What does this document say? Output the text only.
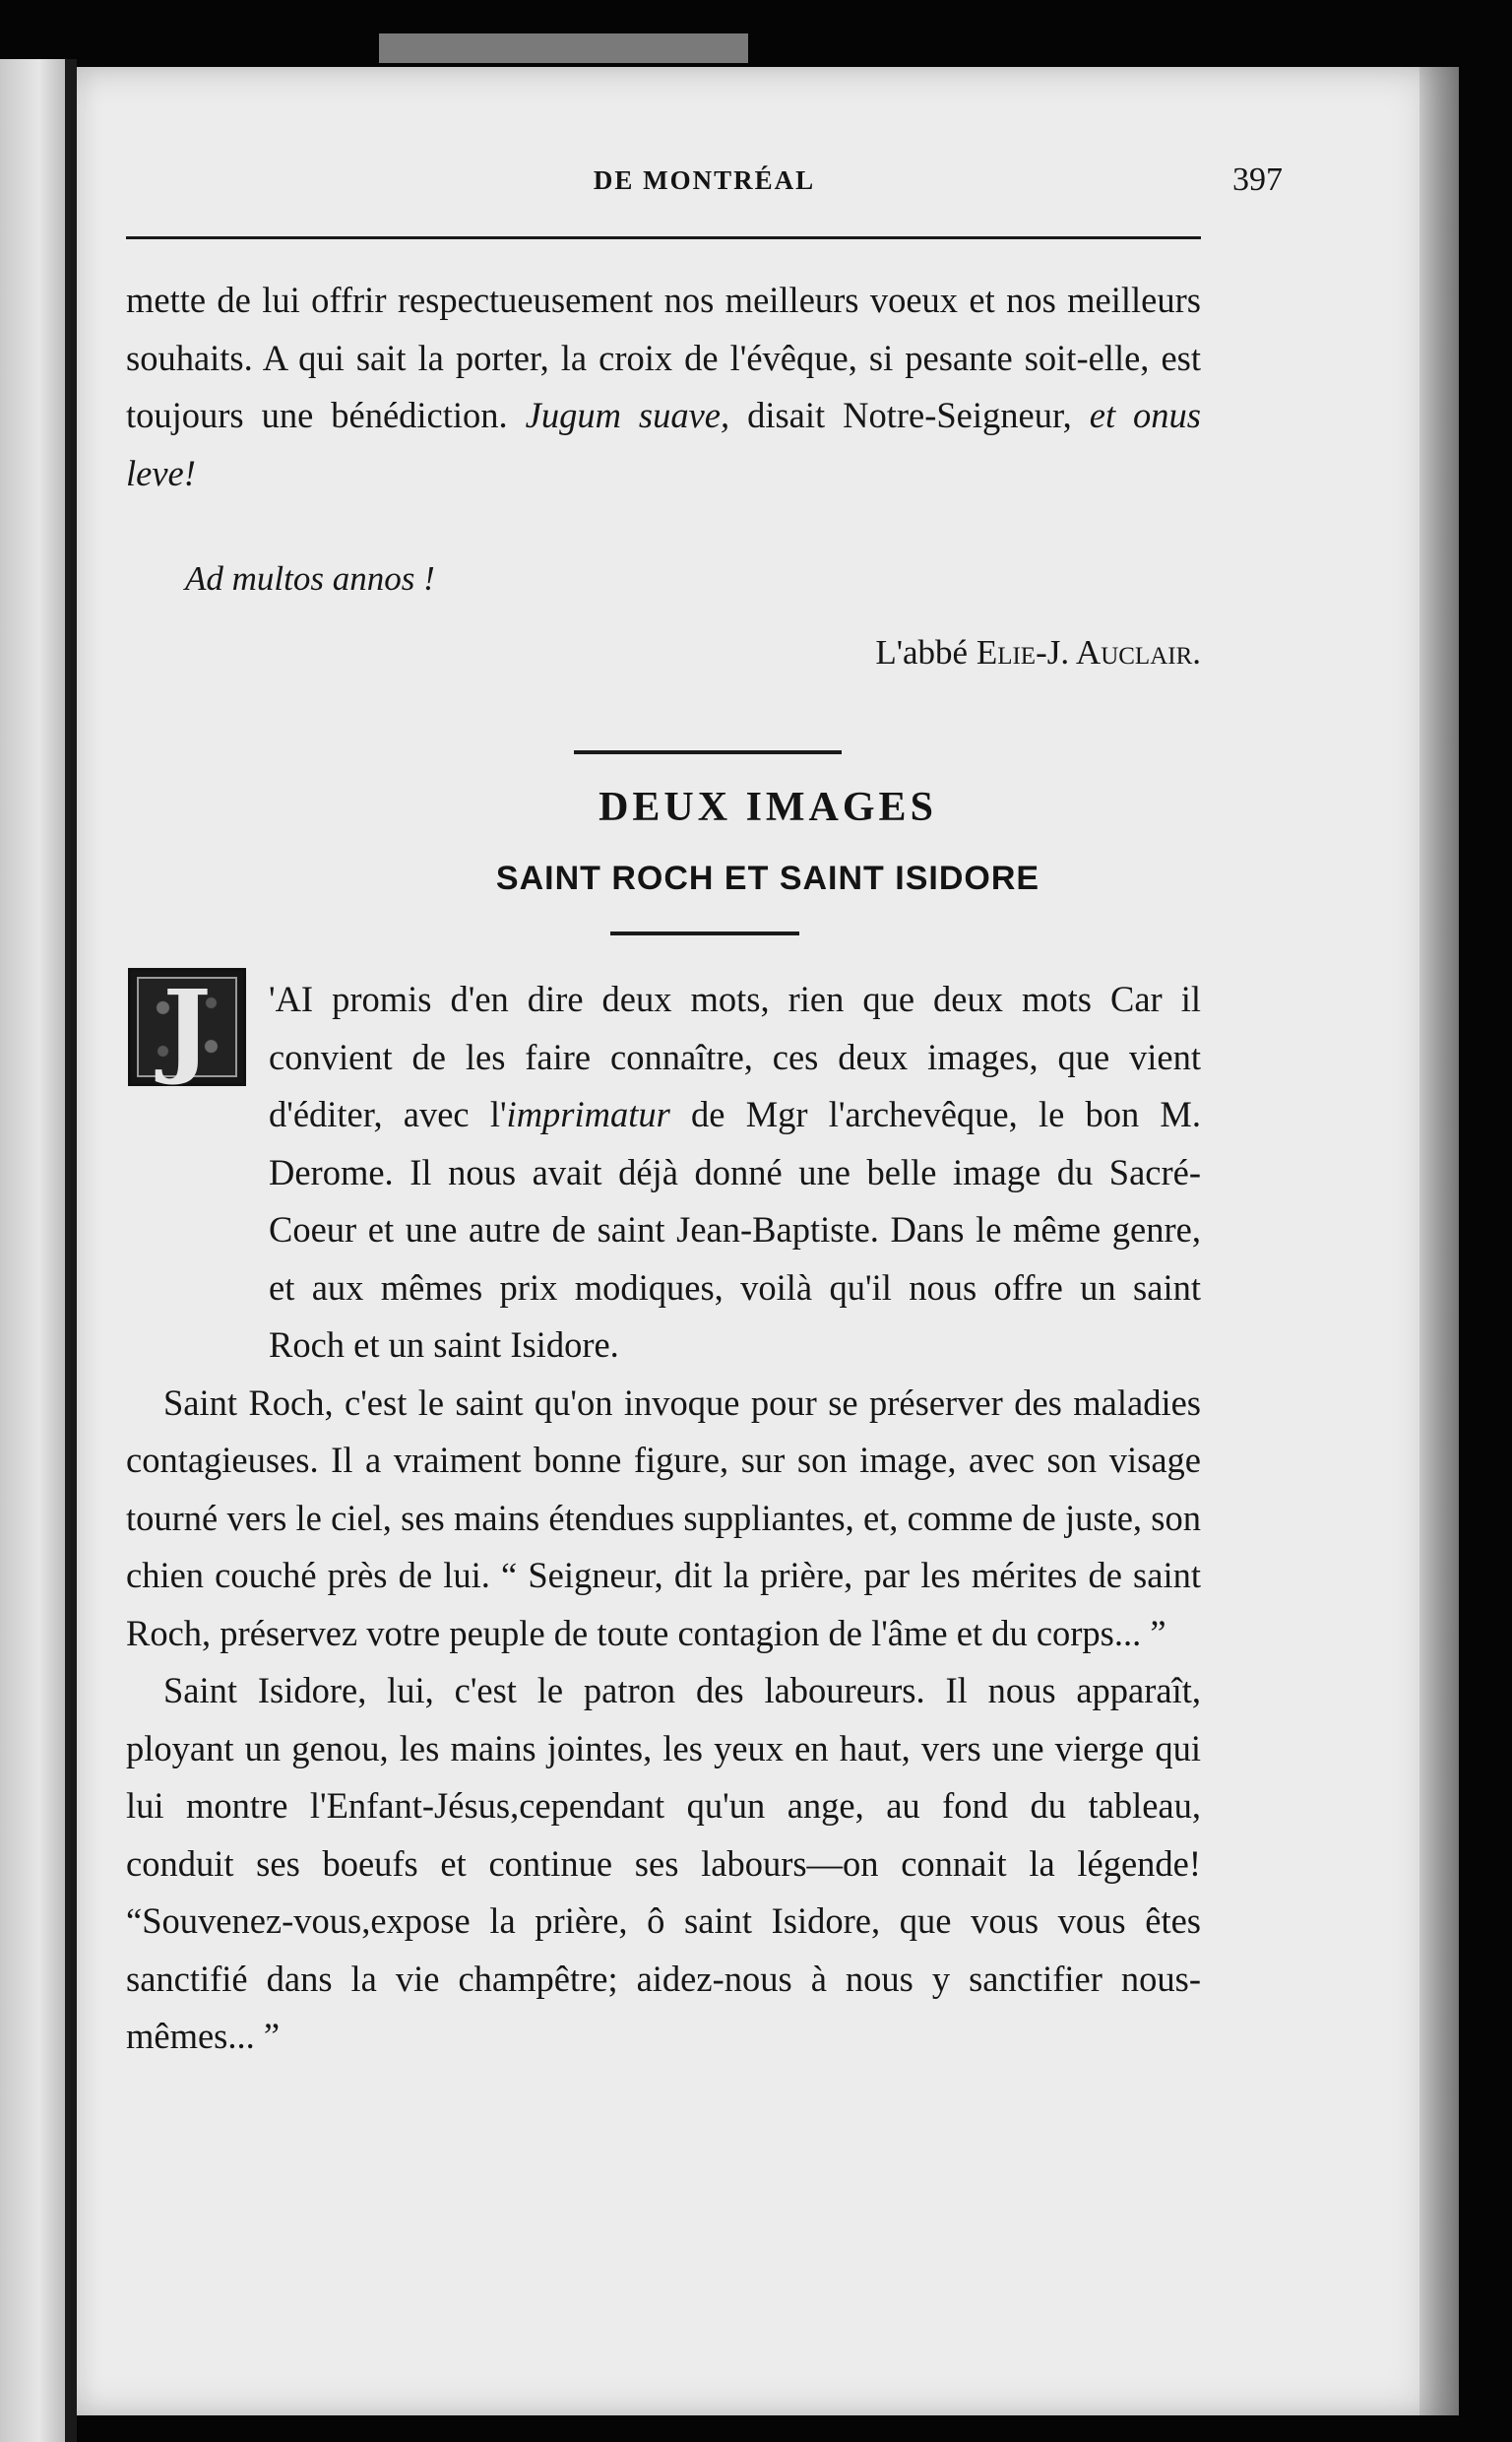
DE MONTRÉAL	397

mette de lui offrir respectueusement nos meilleurs voeux et nos meilleurs souhaits. A qui sait la porter, la croix de l'évêque, si pesante soit-elle, est toujours une bénédiction. Jugum suave, disait Notre-Seigneur, et onus leve!

Ad multos annos !
L'abbé Elie-J. Auclair.
DEUX IMAGES
SAINT ROCH ET SAINT ISIDORE
J	'AI promis d'en dire deux mots, rien que deux mots Car il convient de les faire connaître, ces deux images, que vient d'éditer, avec l'imprimatur de Mgr l'archevêque, le bon M. Derome. Il nous avait déjà donné une belle image du Sacré-Coeur et une autre de saint Jean-Baptiste. Dans le même genre, et aux mêmes prix modiques, voilà qu'il nous offre un saint Roch et un saint Isidore.

Saint Roch, c'est le saint qu'on invoque pour se préserver des maladies contagieuses. Il a vraiment bonne figure, sur son image, avec son visage tourné vers le ciel, ses mains étendues suppliantes, et, comme de juste, son chien couché près de lui. “ Seigneur, dit la prière, par les mérites de saint Roch, préservez votre peuple de toute contagion de l'âme et du corps... ”

Saint Isidore, lui, c'est le patron des laboureurs. Il nous apparaît, ployant un genou, les mains jointes, les yeux en haut, vers une vierge qui lui montre l'Enfant-Jésus,cependant qu'un ange, au fond du tableau, conduit ses boeufs et continue ses labours—on connait la légende! “Souvenez-vous,expose la prière, ô saint Isidore, que vous vous êtes sanctifié dans la vie champêtre; aidez-nous à nous y sanctifier nous-mêmes... ”
